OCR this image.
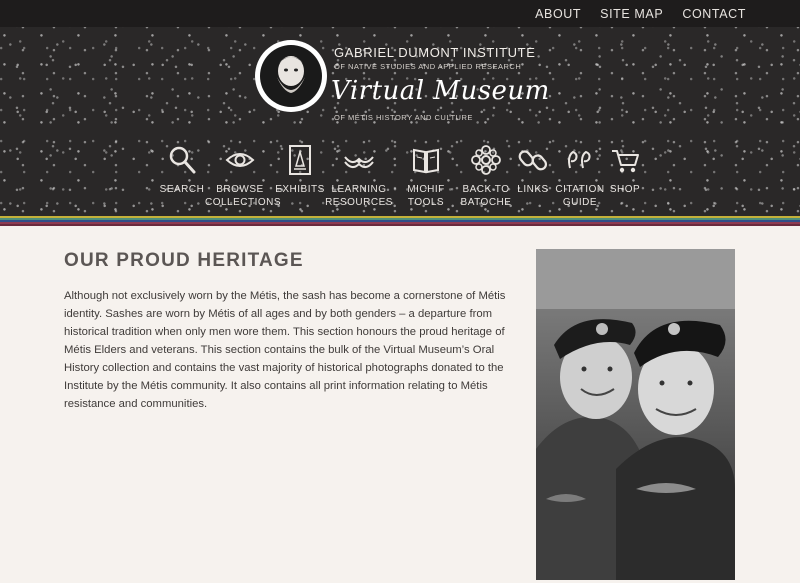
ABOUT SITE MAP CONTACT
GABRIEL DUMONT INSTITUTE
OF NATIVE STUDIES AND APPLIED RESEARCH
Virtual Museum
OF MÉTIS HISTORY AND CULTURE
SEARCH	BROWSE
COLLECTIONS
EXHIBITS LEARNING
RESOURCES
MICHIF
TOOLS
BACK TO
BATOCHE
LINKS CITATION
GUIDE
SHOP
OUR PROUD HERITAGE

Although not exclusively worn by the Métis, the sash has become a cornerstone of Métis identity. Sashes are worn by Métis of all ages and by both genders – a departure from historical tradition when only men wore them. This section honours the proud heritage of Métis Elders and veterans. This section contains the bulk of the Virtual Museum’s Oral History collection and contains the vast majority of historical photographs donated to the Institute by the Métis community. It also contains all print information relating to Métis resistance and communities.
